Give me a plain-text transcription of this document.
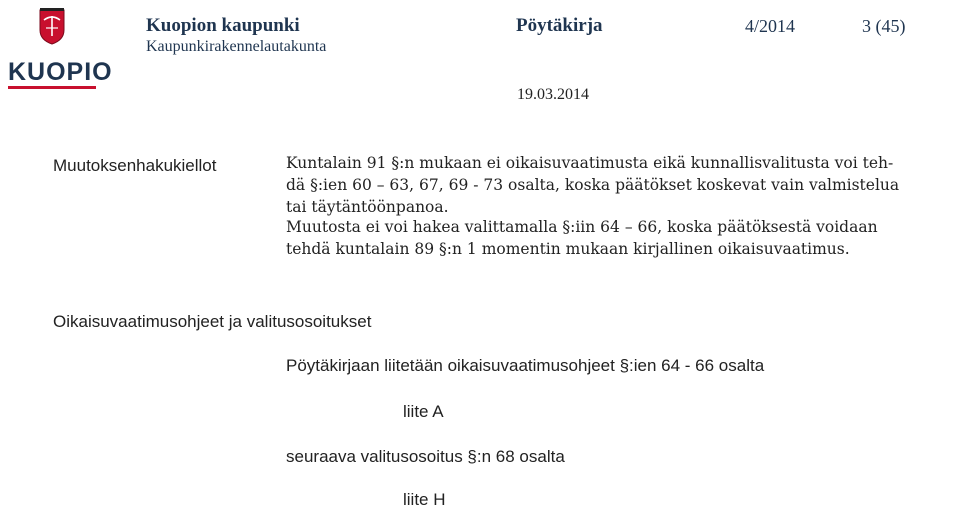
KUOPIO
Kuopion kaupunki
Kaupunkirakennelautakunta
Pöytäkirja	4/2014	3 (45)
19.03.2014
Muutoksenhakukiellot
Oikaisuvaatimusohjeet ja valitusosoitukset
Kuntalain 91 §:n mukaan ei oikaisuvaatimusta eikä kunnallisvalitusta voi teh-
dä §:ien 60 – 63, 67, 69 - 73 osalta, koska päätökset koskevat vain valmistelua
tai täytäntöönpanoa.
Muutosta ei voi hakea valittamalla §:iin 64 – 66, koska päätöksestä voidaan
tehdä kuntalain 89 §:n 1 momentin mukaan kirjallinen oikaisuvaatimus.
Pöytäkirjaan liitetään oikaisuvaatimusohjeet §:ien 64 - 66 osalta
liite A
seuraava valitusosoitus §:n 68 osalta
liite H
